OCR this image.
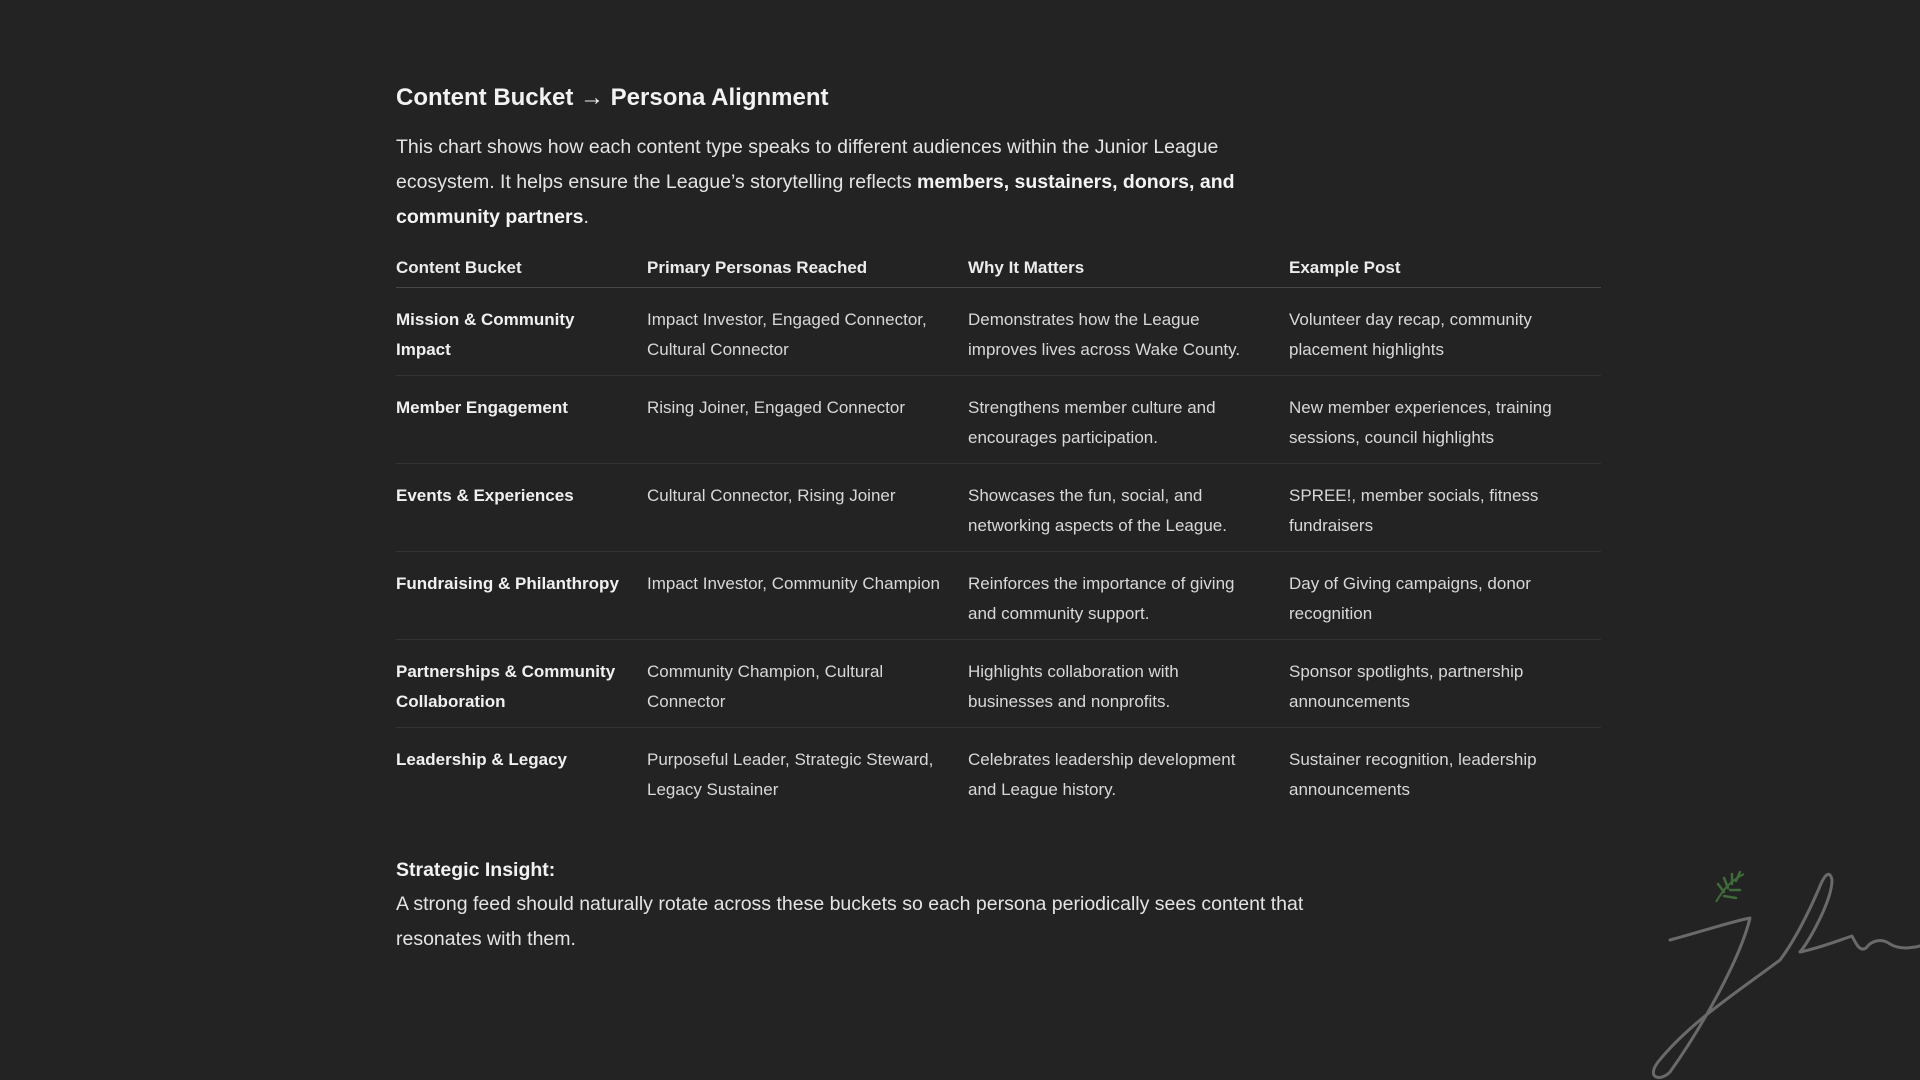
Content Bucket → Persona Alignment

This chart shows how each content type speaks to different audiences within the Junior League ecosystem. It helps ensure the League’s storytelling reflects members, sustainers, donors, and community partners.

Content Bucket	Primary Personas Reached	Why It Matters	Example Post
Mission & Community Impact	Impact Investor, Engaged Connector, Cultural Connector	Demonstrates how the League improves lives across Wake County.	Volunteer day recap, community placement highlights
Member Engagement	Rising Joiner, Engaged Connector	Strengthens member culture and encourages participation.	New member experiences, training sessions, council highlights
Events & Experiences	Cultural Connector, Rising Joiner	Showcases the fun, social, and networking aspects of the League.	SPREE!, member socials, fitness fundraisers
Fundraising & Philanthropy	Impact Investor, Community Champion	Reinforces the importance of giving and community support.	Day of Giving campaigns, donor recognition
Partnerships & Community Collaboration	Community Champion, Cultural Connector	Highlights collaboration with businesses and nonprofits.	Sponsor spotlights, partnership announcements
Leadership & Legacy	Purposeful Leader, Strategic Steward, Legacy Sustainer	Celebrates leadership development and League history.	Sustainer recognition, leadership announcements

Strategic Insight:

A strong feed should naturally rotate across these buckets so each persona periodically sees content that resonates with them.
